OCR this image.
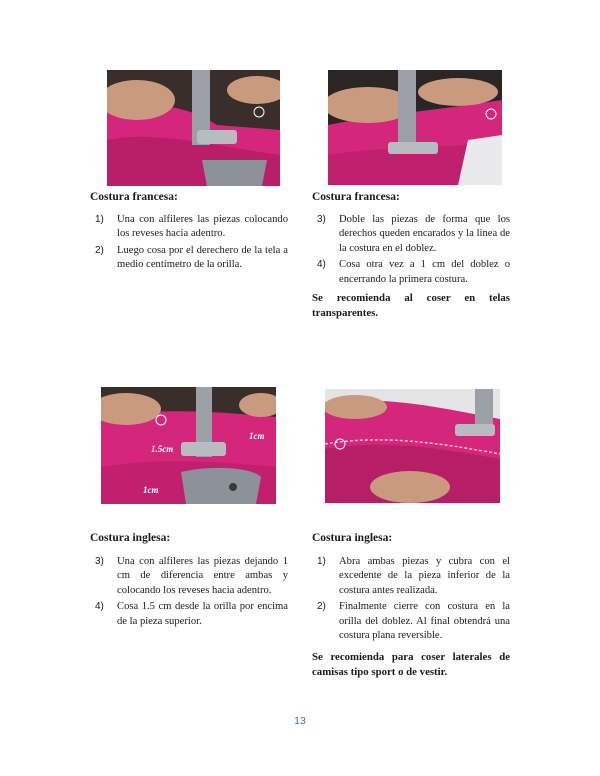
1.5cm
1cm
1cm
Costura francesa:
1) Una con alfileres las piezas colocando los reveses hacia adentro.
2) Luego cosa por el derechero de la tela a medio centímetro de la orilla.
Costura francesa:
3) Doble las piezas de forma que los derechos queden encarados y la linea de la costura en el doblez.
4) Cosa otra vez a 1 cm del doblez o encerrando la primera costura.
Se recomienda al coser en telas transparentes.
Costura inglesa:
3) Una con alfileres las piezas dejando 1 cm de diferencia entre ambas y colocando los reveses hacia adentro.
4) Cosa 1.5 cm desde la orilla por encima de la pieza superior.
Costura inglesa:
1) Abra ambas piezas y cubra con el excedente de la pieza inferior de la costura antes realizada.
2) Finalmente cierre con costura en la orilla del doblez. Al final obtendrá una costura plana reversible.
Se recomienda para coser laterales de camisas tipo sport o de vestir.
13
